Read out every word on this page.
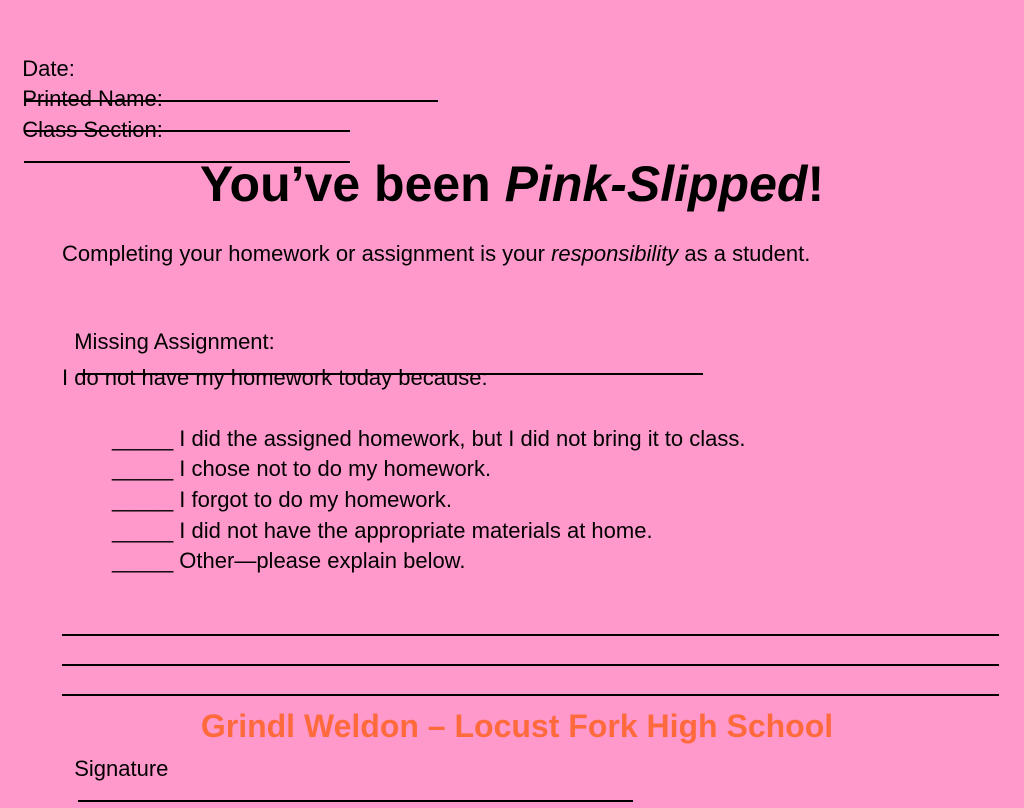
Date:

Printed Name:

Class Section:

You’ve been Pink-Slipped!
Completing your homework or assignment is your responsibility as a student.

Missing Assignment:

I do not have my homework today because:
_____ I did the assigned homework, but I did not bring it to class.
_____ I chose not to do my homework.
_____ I forgot to do my homework.
_____ I did not have the appropriate materials at home.
_____ Other—please explain below.

Signature

Grindl Weldon – Locust Fork High School
